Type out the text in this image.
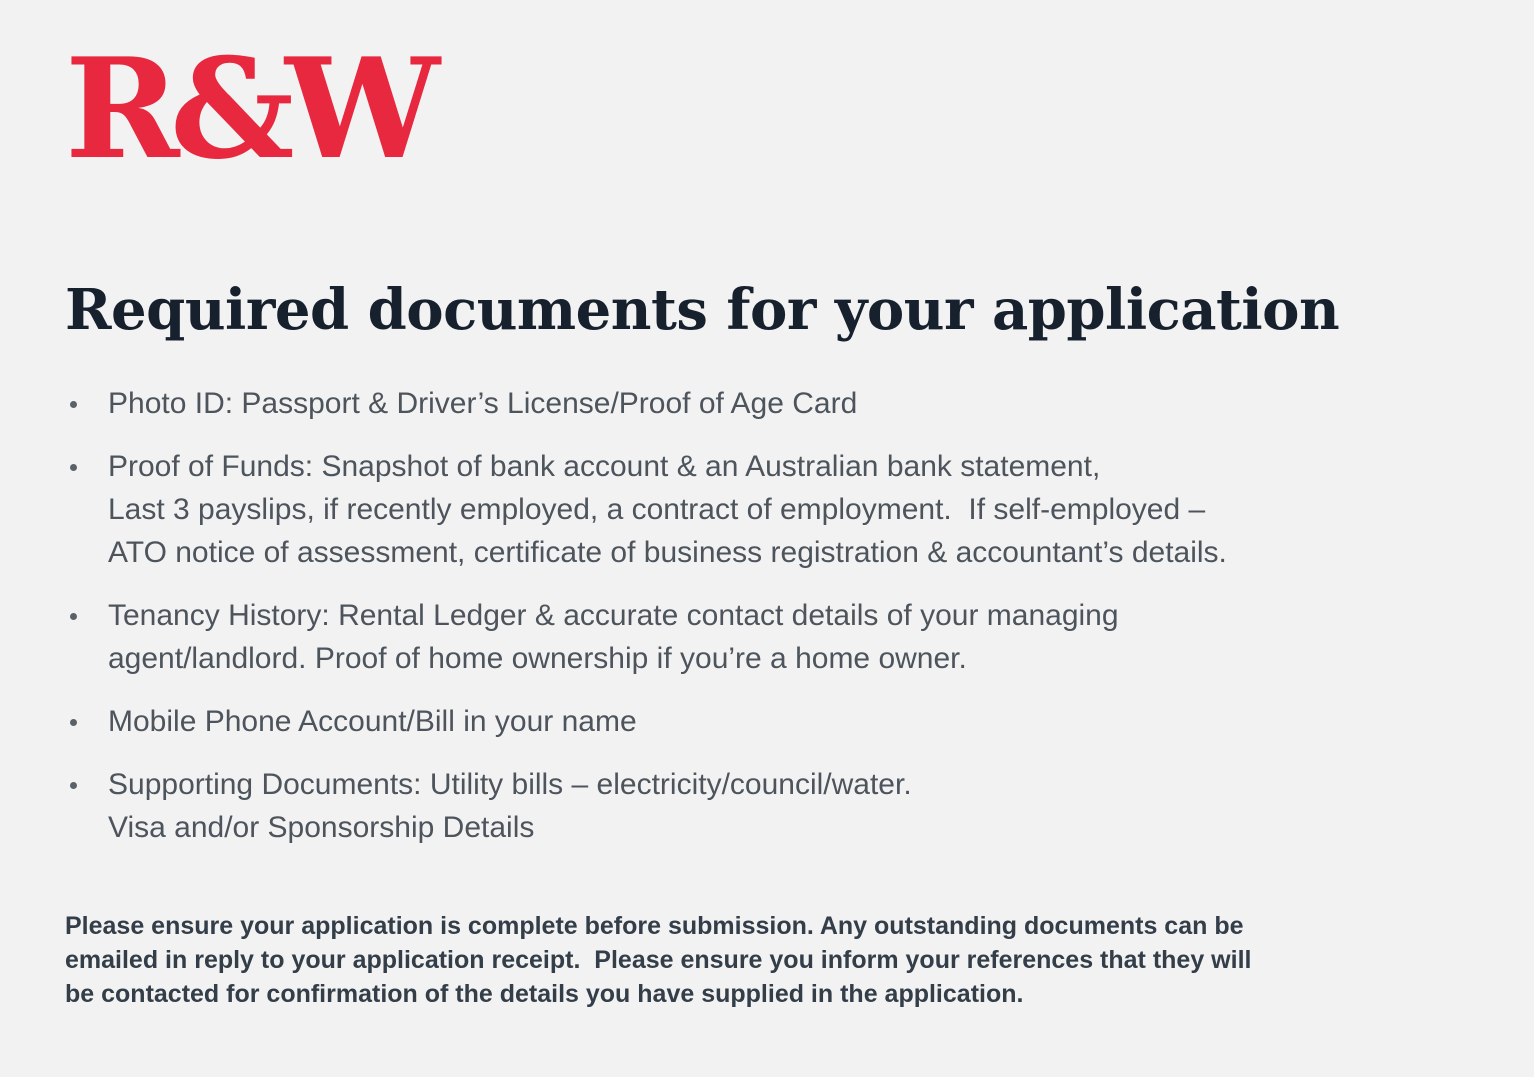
R&W
Required documents for your application
Photo ID: Passport & Driver’s License/Proof of Age Card
Proof of Funds: Snapshot of bank account & an Australian bank statement,
Last 3 payslips, if recently employed, a contract of employment.  If self-employed –
ATO notice of assessment, certificate of business registration & accountant’s details.
Tenancy History: Rental Ledger & accurate contact details of your managing
agent/landlord. Proof of home ownership if you’re a home owner.
Mobile Phone Account/Bill in your name
Supporting Documents: Utility bills – electricity/council/water.
Visa and/or Sponsorship Details

Please ensure your application is complete before submission. Any outstanding documents can be
emailed in reply to your application receipt.  Please ensure you inform your references that they will
be contacted for confirmation of the details you have supplied in the application.
